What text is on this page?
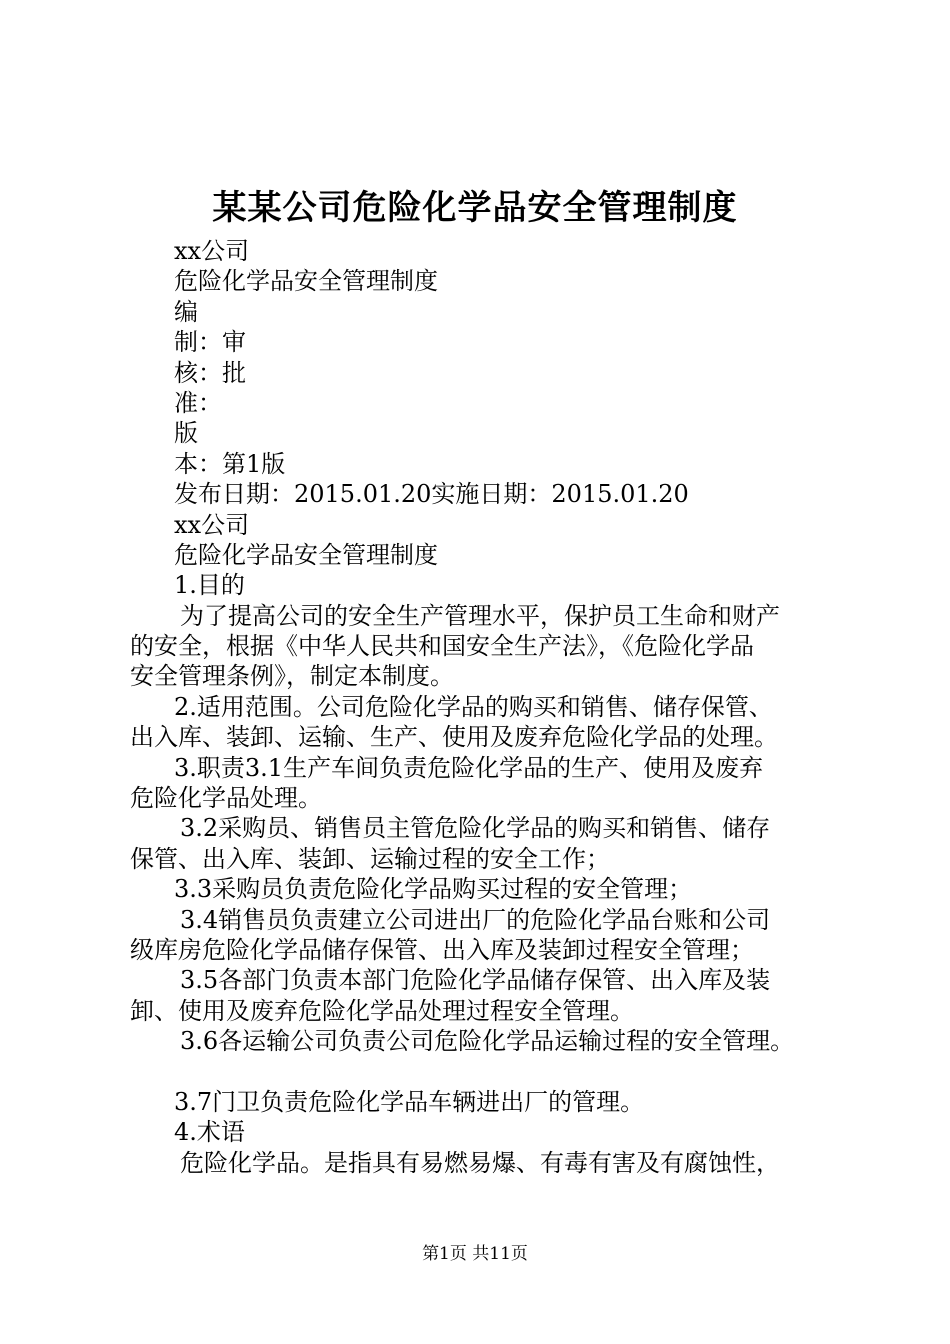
某某公司危险化学品安全管理制度
xx公司
危险化学品安全管理制度
编
制：审
核：批
准：
版
本：第1版
发布日期：2015.01.20实施日期：2015.01.20
xx公司
危险化学品安全管理制度
1.目的
为了提高公司的安全生产管理水平，保护员工生命和财产
的安全，根据《中华人民共和国安全生产法》，《危险化学品
安全管理条例》，制定本制度。
2.适用范围。公司危险化学品的购买和销售、储存保管、
出入库、装卸、运输、生产、使用及废弃危险化学品的处理。
3.职责3.1生产车间负责危险化学品的生产、使用及废弃
危险化学品处理。
3.2采购员、销售员主管危险化学品的购买和销售、储存
保管、出入库、装卸、运输过程的安全工作；
3.3采购员负责危险化学品购买过程的安全管理；
3.4销售员负责建立公司进出厂的危险化学品台账和公司
级库房危险化学品储存保管、出入库及装卸过程安全管理；
3.5各部门负责本部门危险化学品储存保管、出入库及装
卸、使用及废弃危险化学品处理过程安全管理。
3.6各运输公司负责公司危险化学品运输过程的安全管理。
3.7门卫负责危险化学品车辆进出厂的管理。
4.术语
危险化学品。是指具有易燃易爆、有毒有害及有腐蚀性，
第1页 共11页
